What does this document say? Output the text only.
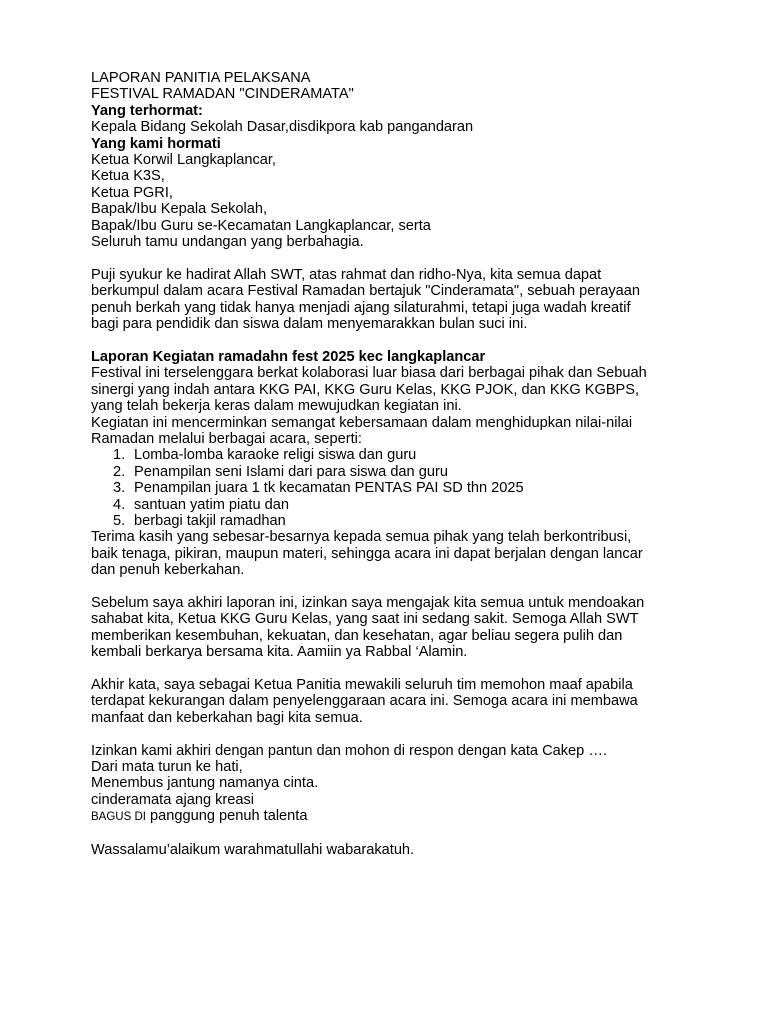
LAPORAN PANITIA PELAKSANA
FESTIVAL RAMADAN "CINDERAMATA"
Yang terhormat:
Kepala Bidang Sekolah Dasar,disdikpora kab pangandaran
Yang kami hormati
Ketua Korwil Langkaplancar,
Ketua K3S,
Ketua PGRI,
Bapak/Ibu Kepala Sekolah,
Bapak/Ibu Guru se-Kecamatan Langkaplancar, serta
Seluruh tamu undangan yang berbahagia.
Puji syukur ke hadirat Allah SWT, atas rahmat dan ridho-Nya, kita semua dapat
berkumpul dalam acara Festival Ramadan bertajuk "Cinderamata", sebuah perayaan
penuh berkah yang tidak hanya menjadi ajang silaturahmi, tetapi juga wadah kreatif
bagi para pendidik dan siswa dalam menyemarakkan bulan suci ini.
Laporan Kegiatan ramadahn fest 2025 kec langkaplancar
Festival ini terselenggara berkat kolaborasi luar biasa dari berbagai pihak dan Sebuah
sinergi yang indah antara KKG PAI, KKG Guru Kelas, KKG PJOK, dan KKG KGBPS,
yang telah bekerja keras dalam mewujudkan kegiatan ini.
Kegiatan ini mencerminkan semangat kebersamaan dalam menghidupkan nilai-nilai
Ramadan melalui berbagai acara, seperti:
1. Lomba-lomba karaoke religi siswa dan guru
2. Penampilan seni Islami dari para siswa dan guru
3. Penampilan juara 1 tk kecamatan PENTAS PAI SD thn 2025
4. santuan yatim piatu dan
5. berbagi takjil ramadhan
Terima kasih yang sebesar-besarnya kepada semua pihak yang telah berkontribusi,
baik tenaga, pikiran, maupun materi, sehingga acara ini dapat berjalan dengan lancar
dan penuh keberkahan.
Sebelum saya akhiri laporan ini, izinkan saya mengajak kita semua untuk mendoakan
sahabat kita, Ketua KKG Guru Kelas, yang saat ini sedang sakit. Semoga Allah SWT
memberikan kesembuhan, kekuatan, dan kesehatan, agar beliau segera pulih dan
kembali berkarya bersama kita. Aamiin ya Rabbal ‘Alamin.
Akhir kata, saya sebagai Ketua Panitia mewakili seluruh tim memohon maaf apabila
terdapat kekurangan dalam penyelenggaraan acara ini. Semoga acara ini membawa
manfaat dan keberkahan bagi kita semua.
Izinkan kami akhiri dengan pantun dan mohon di respon dengan kata Cakep ….
Dari mata turun ke hati,
Menembus jantung namanya cinta.
cinderamata ajang kreasi
BAGUS DI panggung penuh talenta
Wassalamu’alaikum warahmatullahi wabarakatuh.
